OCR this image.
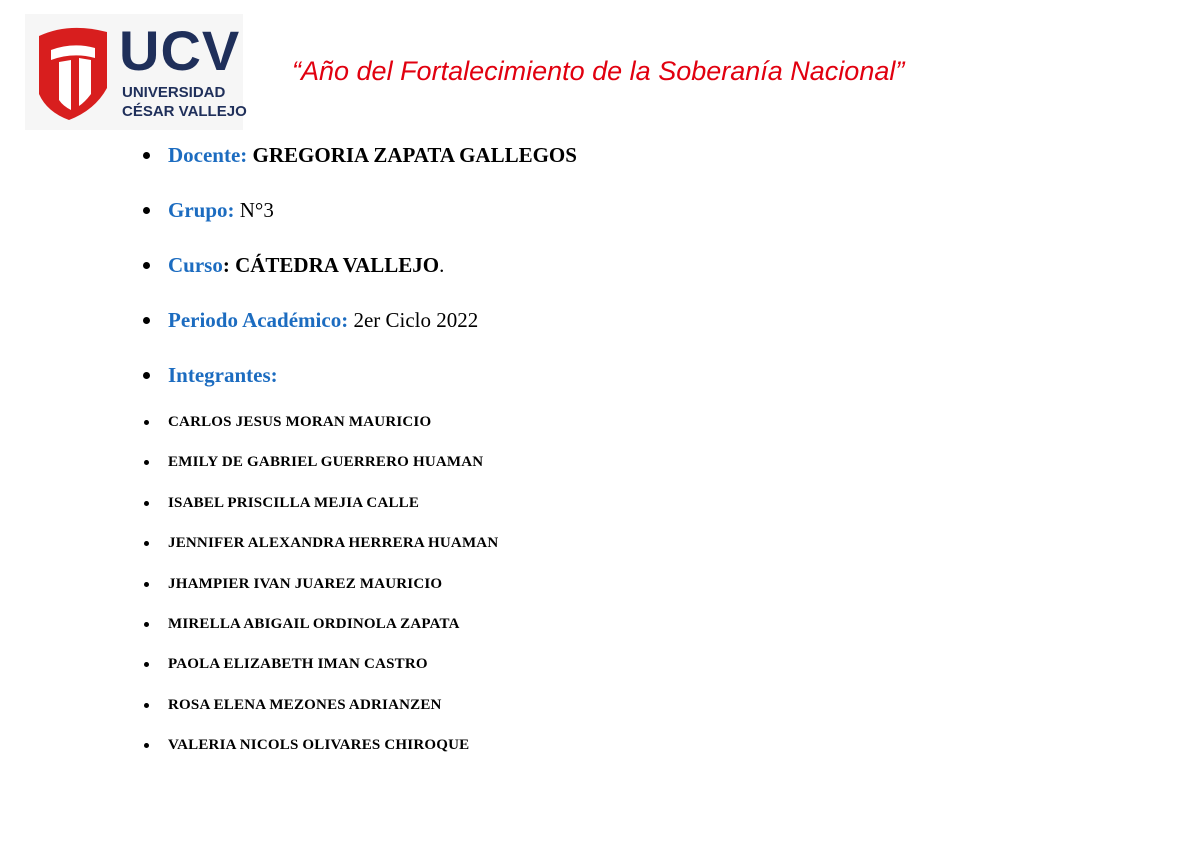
UCV
UNIVERSIDAD
CÉSAR VALLEJO
“Año del Fortalecimiento de la Soberanía Nacional”
Docente: GREGORIA ZAPATA GALLEGOS
Grupo: N°3
Curso: CÁTEDRA VALLEJO.
Periodo Académico: 2er Ciclo 2022
Integrantes:
CARLOS JESUS MORAN MAURICIO
EMILY DE GABRIEL GUERRERO HUAMAN
ISABEL PRISCILLA MEJIA CALLE
JENNIFER ALEXANDRA HERRERA HUAMAN
JHAMPIER IVAN JUAREZ MAURICIO
MIRELLA ABIGAIL ORDINOLA ZAPATA
PAOLA ELIZABETH IMAN CASTRO
ROSA ELENA MEZONES ADRIANZEN
VALERIA NICOLS OLIVARES CHIROQUE
